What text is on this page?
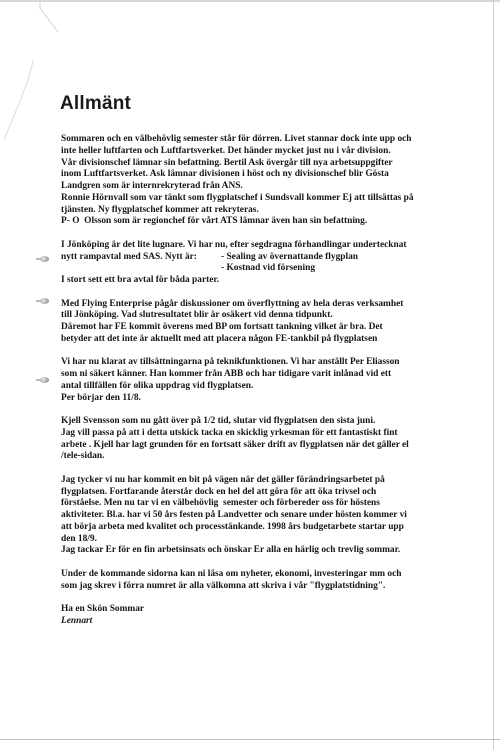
Allmänt
Sommaren och en välbehövlig semester står för dörren. Livet stannar dock inte upp och
inte heller luftfarten och Luftfartsverket. Det händer mycket just nu i vår division.
Vår divisionschef lämnar sin befattning. Bertil Ask övergår till nya arbetsuppgifter
inom Luftfartsverket. Ask lämnar divisionen i höst och ny divisionschef blir Gösta
Landgren som är internrekryterad från ANS.
Ronnie Hörnvall som var tänkt som flygplatschef i Sundsvall kommer Ej att tillsättas på
tjänsten. Ny flygplatschef kommer att rekryteras.
P- O  Olsson som är regionchef för vårt ATS lämnar även han sin befattning.
I Jönköping är det lite lugnare. Vi har nu, efter segdragna förhandlingar undertecknat
nytt rampavtal med SAS. Nytt är:	- Sealing av övernattande flygplan
- Kostnad vid försening
I stort sett ett bra avtal för båda parter.
Med Flying Enterprise pågår diskussioner om överflyttning av hela deras verksamhet
till Jönköping. Vad slutresultatet blir är osäkert vid denna tidpunkt.
Däremot har FE kommit överens med BP om fortsatt tankning vilket är bra. Det
betyder att det inte är aktuellt med att placera någon FE-tankbil på flygplatsen
Vi har nu klarat av tillsättningarna på teknikfunktionen. Vi har anställt Per Eliasson
som ni säkert känner. Han kommer från ABB och har tidigare varit inlånad vid ett
antal tillfällen för olika uppdrag vid flygplatsen.
Per börjar den 11/8.
Kjell Svensson som nu gått över på 1/2 tid, slutar vid flygplatsen den sista juni.
Jag vill passa på att i detta utskick tacka en skicklig yrkesman för ett fantastiskt fint
arbete . Kjell har lagt grunden för en fortsatt säker drift av flygplatsen när det gäller el
/tele-sidan.
Jag tycker vi nu har kommit en bit på vägen när det gäller förändringsarbetet på
flygplatsen. Fortfarande återstår dock en hel del att göra för att öka trivsel och
förståelse. Men nu tar vi en välbehövlig  semester och förbereder oss för höstens
aktiviteter. Bl.a. har vi 50 års festen på Landvetter och senare under hösten kommer vi
att börja arbeta med kvalitet och processtänkande. 1998 års budgetarbete startar upp
den 18/9.
Jag tackar Er för en fin arbetsinsats och önskar Er alla en härlig och trevlig sommar.
Under de kommande sidorna kan ni läsa om nyheter, ekonomi, investeringar mm och
som jag skrev i förra numret är alla välkomna att skriva i vår "flygplatstidning".
Ha en Skön Sommar
Lennart
